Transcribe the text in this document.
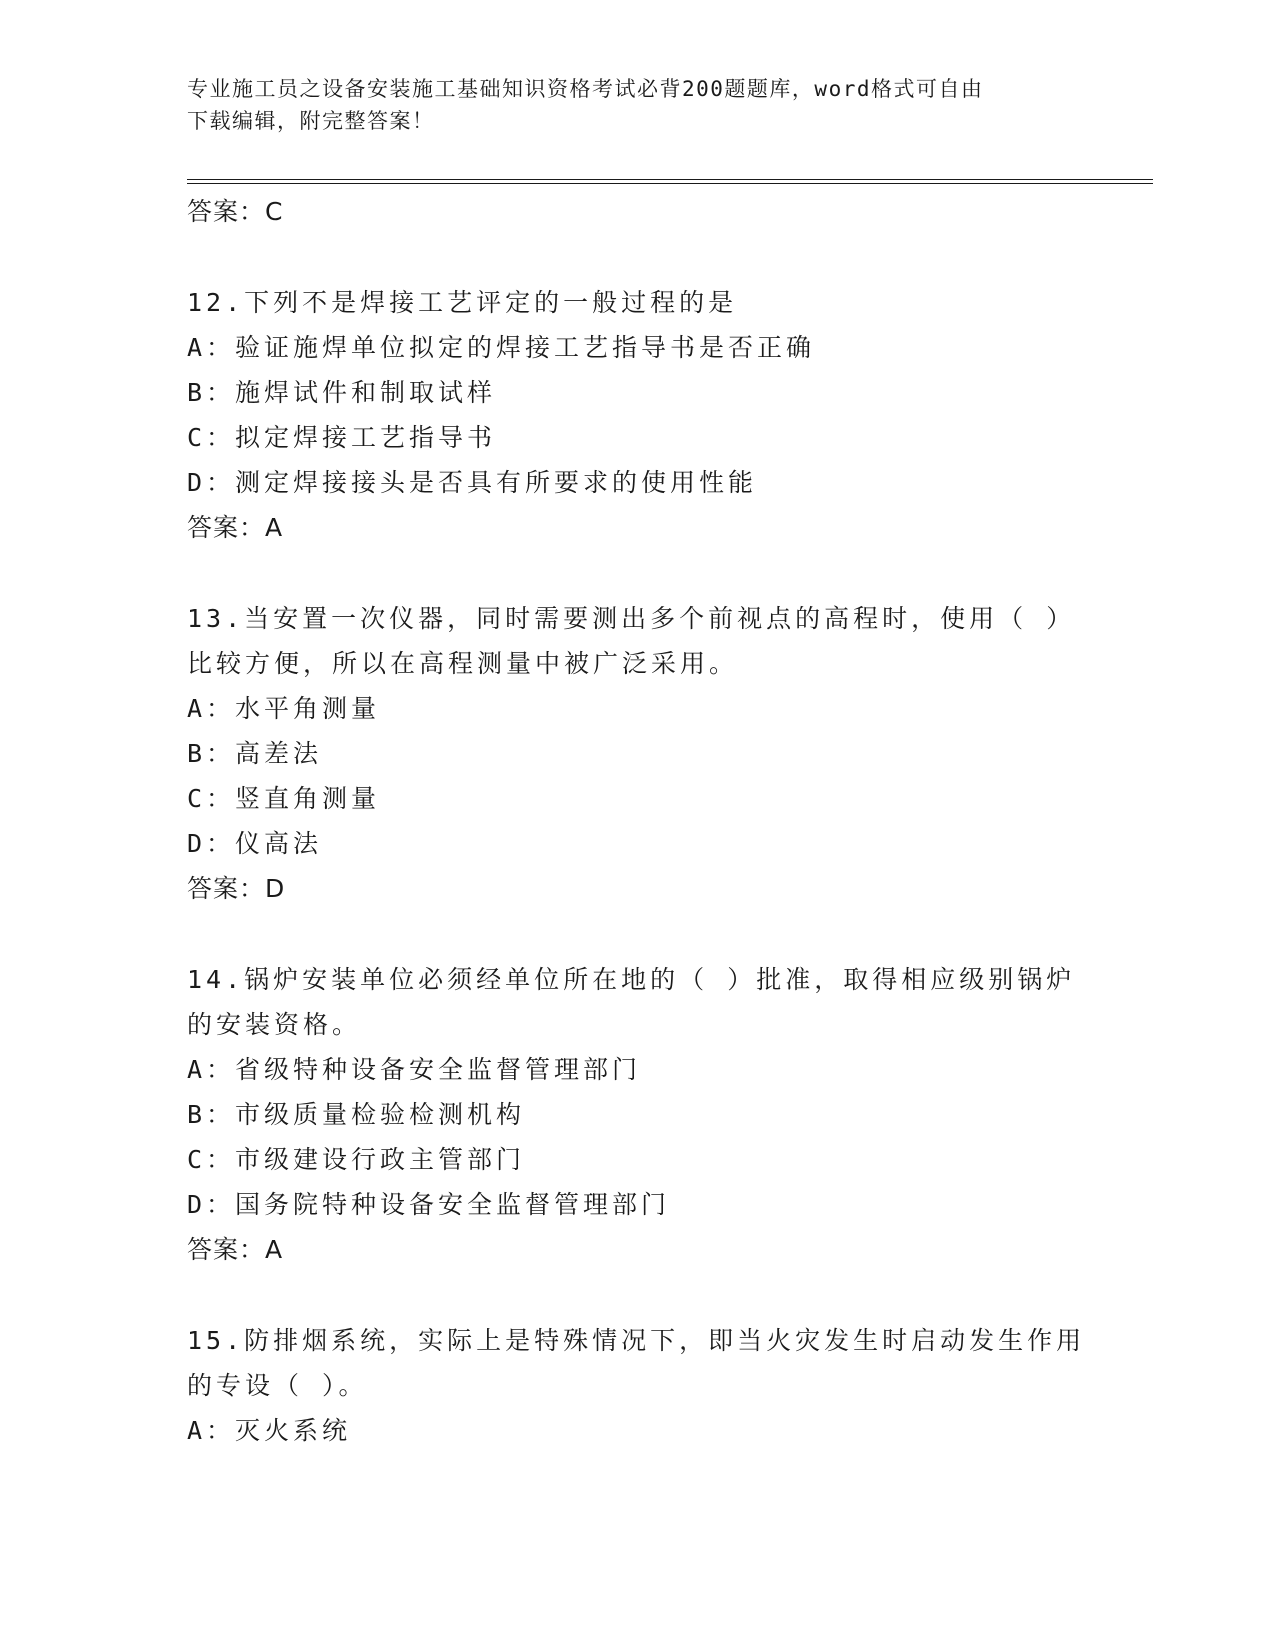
专业施工员之设备安装施工基础知识资格考试必背200题题库，word格式可自由
下载编辑，附完整答案！
答案：C
12.下列不是焊接工艺评定的一般过程的是
A：验证施焊单位拟定的焊接工艺指导书是否正确
B：施焊试件和制取试样
C：拟定焊接工艺指导书
D：测定焊接接头是否具有所要求的使用性能
答案：A
13.当安置一次仪器，同时需要测出多个前视点的高程时，使用（ ）
比较方便，所以在高程测量中被广泛采用。
A：水平角测量
B：高差法
C：竖直角测量
D：仪高法
答案：D
14.锅炉安装单位必须经单位所在地的（ ）批准，取得相应级别锅炉
的安装资格。
A：省级特种设备安全监督管理部门
B：市级质量检验检测机构
C：市级建设行政主管部门
D：国务院特种设备安全监督管理部门
答案：A
15.防排烟系统，实际上是特殊情况下，即当火灾发生时启动发生作用
的专设（ ）。
A：灭火系统
